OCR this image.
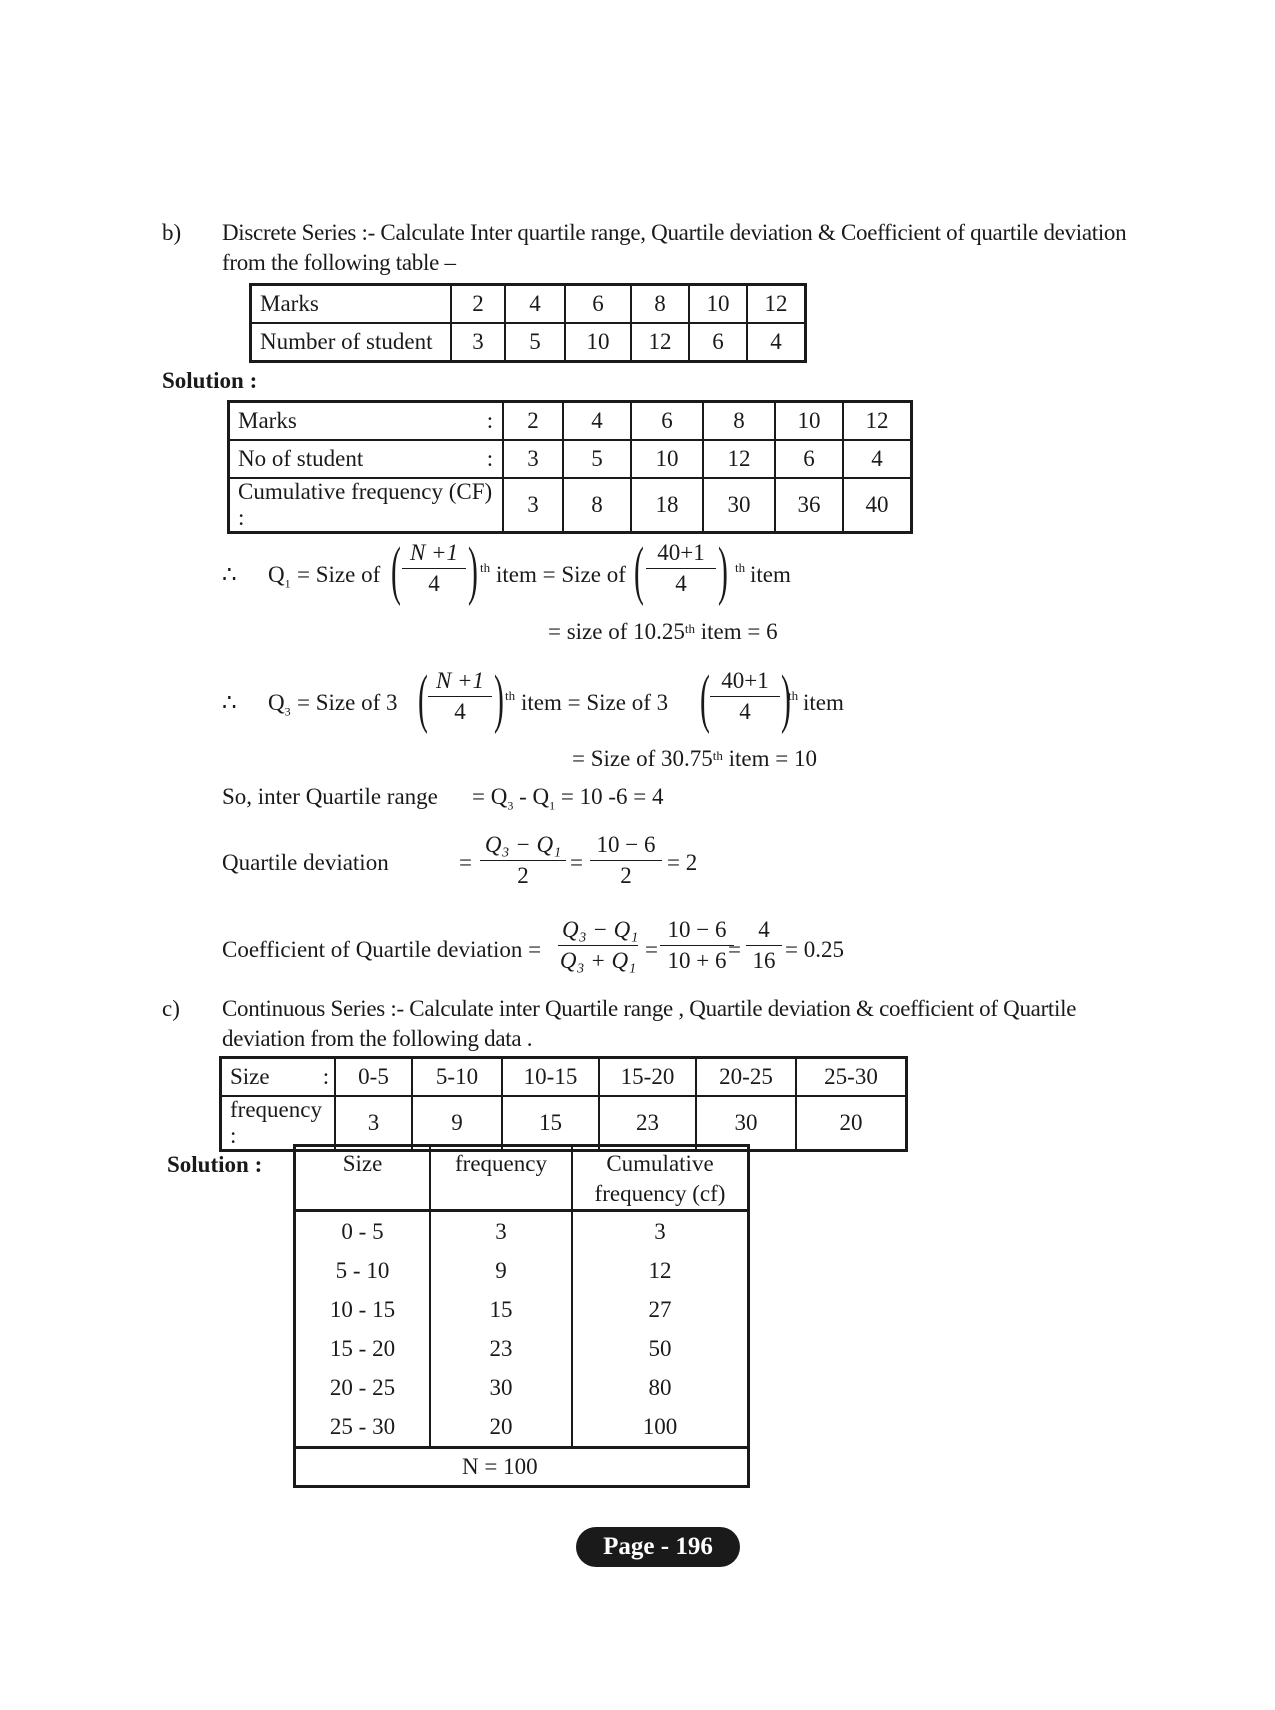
b) Discrete Series :- Calculate Inter quartile range, Quartile deviation & Coefficient of quartile deviation
from the following table –
Marks	2	4	6	8	10	12
Number of student	3	5	10	12	6	4
Solution :
Marks	:	2	4	6	8	10	12
No of student	:	3	5	10	12	6	4
Cumulative frequency (CF) :		3	8	18	30	36	40
∴ $Q_1$ = Size of ( $\frac{N +1}{4}$ ) th item = Size of ( $\frac{40+1}{4}$ ) th item
= size of 10.25th item = 6
∴ $Q_3$ = Size of 3 ( $\frac{N +1}{4}$ ) th item = Size of 3 ( $\frac{40+1}{4}$ )
th item
= Size of 30.75th item = 10
So, inter Quartile range = $Q_3 - Q_1 = 10$ -6 = 4
Quartile deviation	= $\frac{\text{Q₃ − Q₁}}{2} = \frac{10 - 6}{2} = 2$
Coefficient of Quartile deviation = $\frac{\text{Q₃ − Q₁}}{\text{Q₃ + Q₁}} = \frac{10 - 6}{10 + 6}$
= $\frac{4}{16} = 0.25$
c) Continuous Series :- Calculate inter Quartile range , Quartile deviation & coefficient of Quartile
deviation from the following data .
Size	:	0-5	5-10	10-15	15-20	20-25	25-30
frequency :		3	9	15	23	30	20
Solution :	Size	frequency	Cumulative
frequency (cf)

0 - 5	3	3
5 - 10	9	12
10 - 15	15	27
15 - 20	23	50
20 - 25	30	80
25 - 30	20	100
N = 100		
Page - 196
